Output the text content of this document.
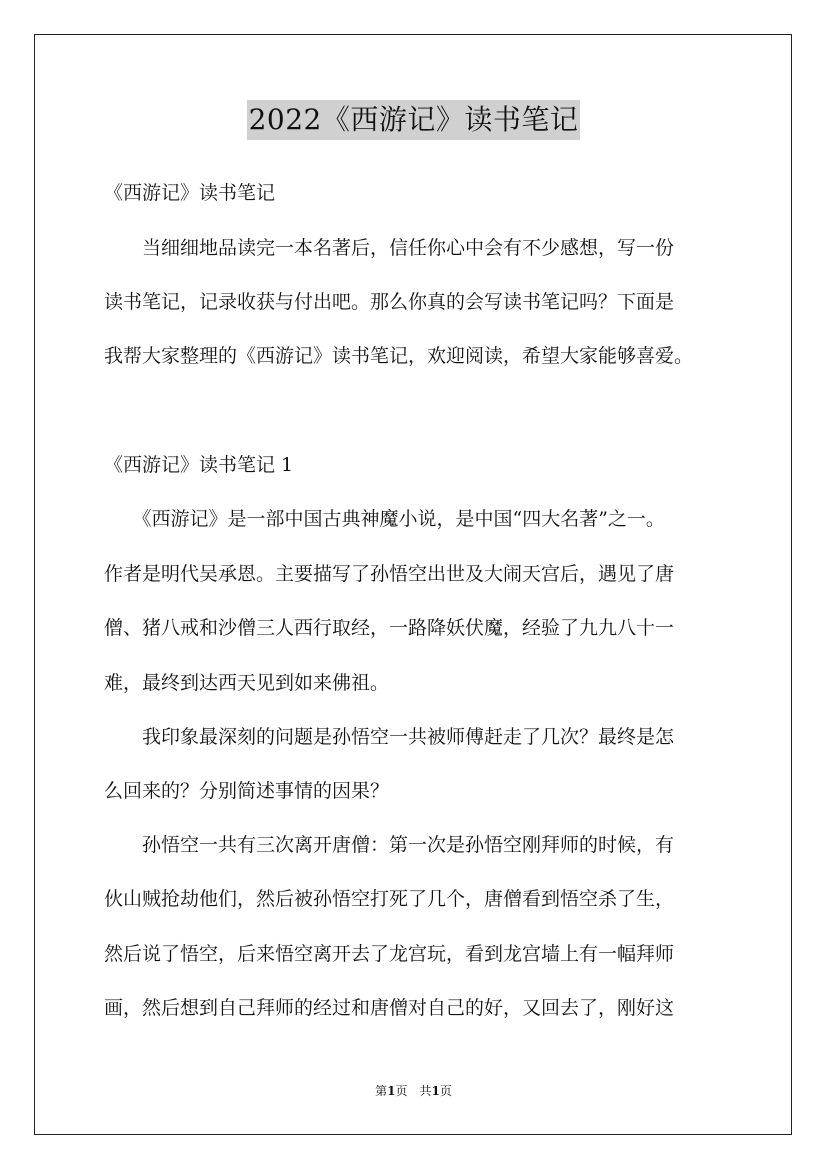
2022《西游记》读书笔记
《西游记》读书笔记
　　当细细地品读完一本名著后，信任你心中会有不少感想，写一份
读书笔记，记录收获与付出吧。那么你真的会写读书笔记吗？下面是
我帮大家整理的《西游记》读书笔记，欢迎阅读，希望大家能够喜爱。
《西游记》读书笔记 1
　　《西游记》是一部中国古典神魔小说，是中国“四大名著”之一。
作者是明代吴承恩。主要描写了孙悟空出世及大闹天宫后，遇见了唐
僧、猪八戒和沙僧三人西行取经，一路降妖伏魔，经验了九九八十一
难，最终到达西天见到如来佛祖。
　　我印象最深刻的问题是孙悟空一共被师傅赶走了几次？最终是怎
么回来的？分别简述事情的因果？
　　孙悟空一共有三次离开唐僧：第一次是孙悟空刚拜师的时候，有
伙山贼抢劫他们，然后被孙悟空打死了几个，唐僧看到悟空杀了生，
然后说了悟空，后来悟空离开去了龙宫玩，看到龙宫墙上有一幅拜师
画，然后想到自己拜师的经过和唐僧对自己的好，又回去了，刚好这
第1页　共1页
